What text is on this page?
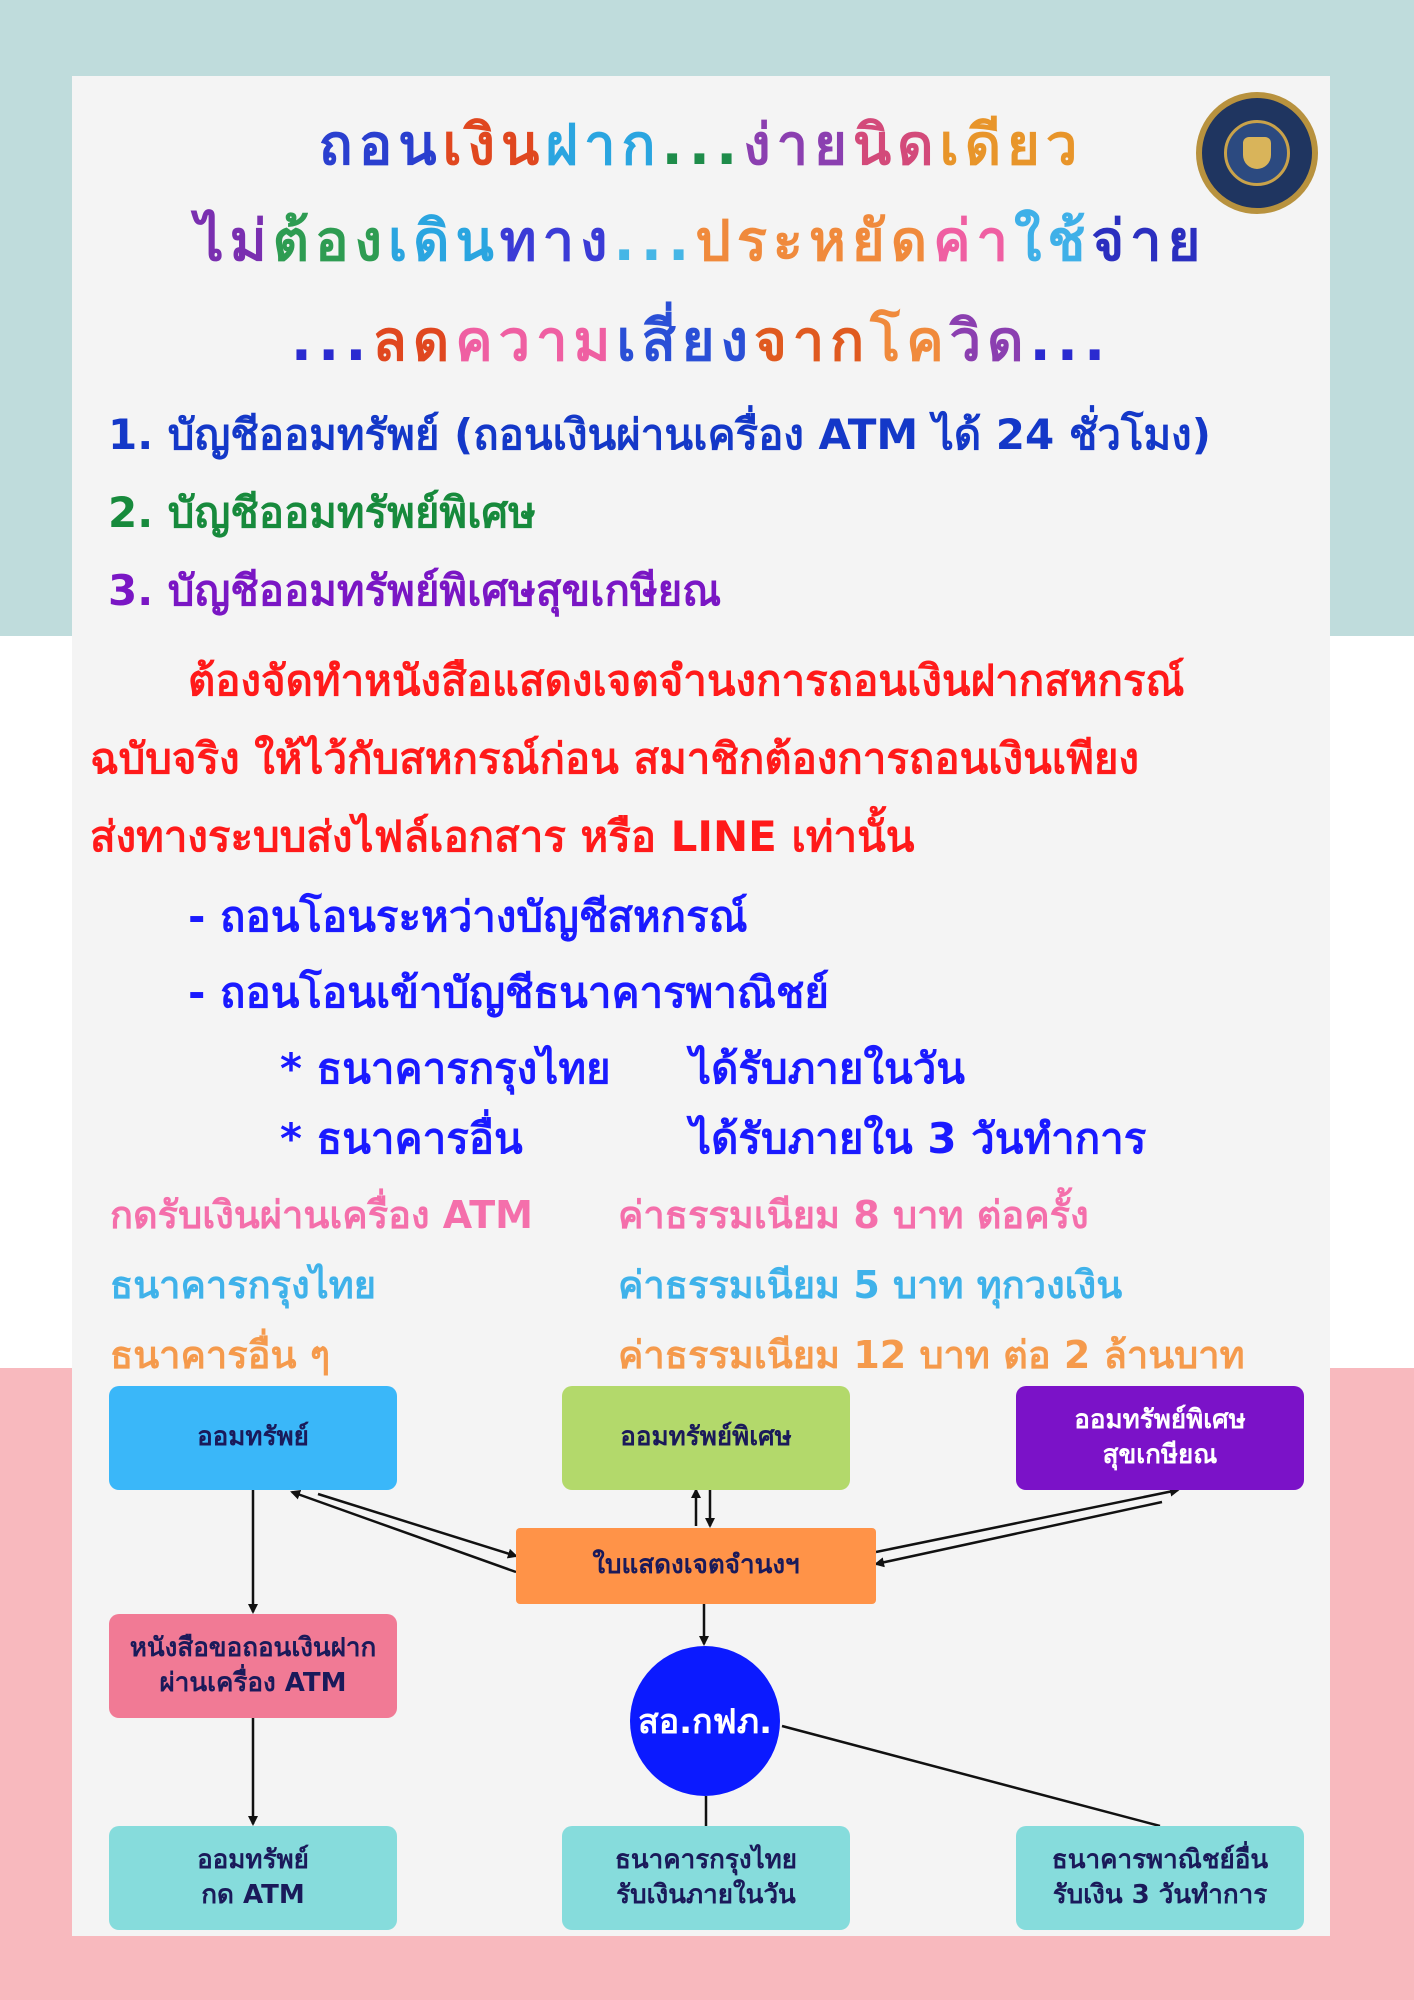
ถอนเงินฝาก...ง่ายนิดเดียว
ไม่ต้องเดินทาง...ประหยัดค่าใช้จ่าย
...ลดความเสี่ยงจากโควิด...
1. บัญชีออมทรัพย์ (ถอนเงินผ่านเครื่อง ATM ได้ 24 ชั่วโมง)
2. บัญชีออมทรัพย์พิเศษ
3. บัญชีออมทรัพย์พิเศษสุขเกษียณ
ต้องจัดทำหนังสือแสดงเจตจำนงการถอนเงินฝากสหกรณ์
ฉบับจริง ให้ไว้กับสหกรณ์ก่อน สมาชิกต้องการถอนเงินเพียง
ส่งทางระบบส่งไฟล์เอกสาร หรือ LINE เท่านั้น
- ถอนโอนระหว่างบัญชีสหกรณ์
- ถอนโอนเข้าบัญชีธนาคารพาณิชย์
* ธนาคารกรุงไทย ได้รับภายในวัน
* ธนาคารอื่น	ได้รับภายใน 3 วันทำการ
กดรับเงินผ่านเครื่อง ATM ค่าธรรมเนียม 8 บาท ต่อครั้ง
ธนาคารกรุงไทย	ค่าธรรมเนียม 5 บาท ทุกวงเงิน
ธนาคารอื่น ๆ	ค่าธรรมเนียม 12 บาท ต่อ 2 ล้านบาท
ออมทรัพย์	ออมทรัพย์พิเศษ
ออมทรัพย์พิเศษ
สุขเกษียณ
ใบแสดงเจตจำนงฯ
หนังสือขอถอนเงินฝาก
ผ่านเครื่อง ATM
สอ.กฟภ.
ออมทรัพย์
กด ATM
ธนาคารกรุงไทย
รับเงินภายในวัน
ธนาคารพาณิชย์อื่น
รับเงิน 3 วันทำการ
